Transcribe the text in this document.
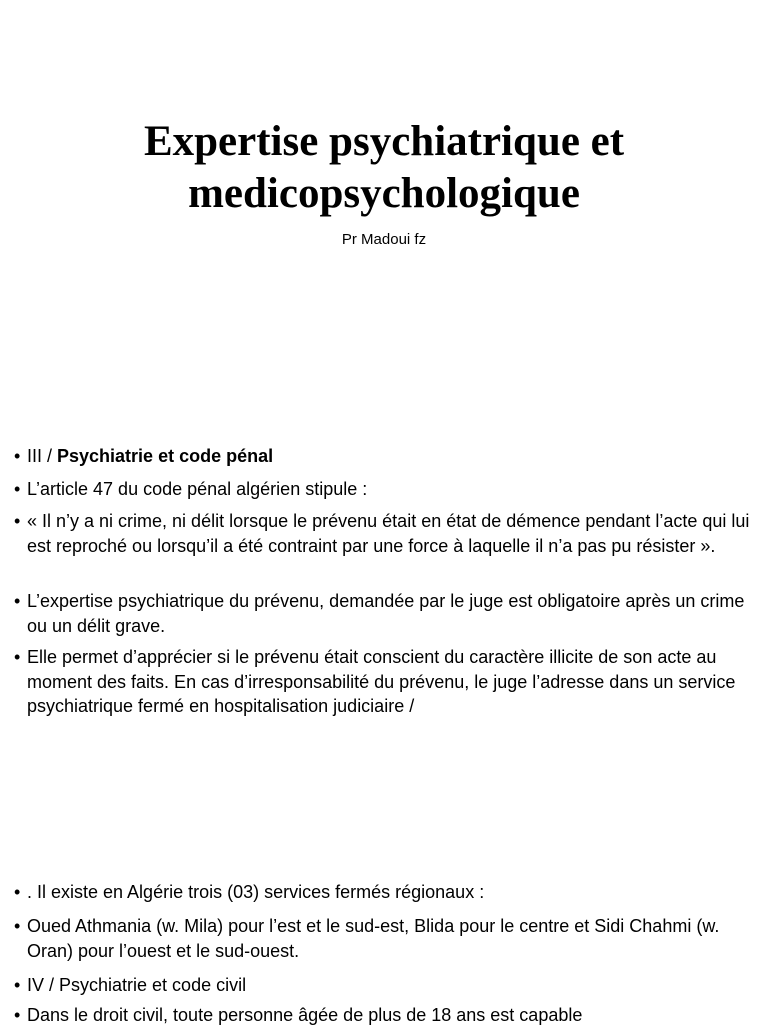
Expertise psychiatrique et
medicopsychologique
Pr Madoui fz
• III / Psychiatrie et code pénal
• L’article 47 du code pénal algérien stipule :
• « Il n’y a ni crime, ni délit lorsque le prévenu était en état de démence pendant l’acte qui lui est reproché ou lorsqu’il a été contraint par une force à laquelle il n’a pas pu résister ».
• L’expertise psychiatrique du prévenu, demandée par le juge est obligatoire après un crime ou un délit grave.
• Elle permet d’apprécier si le prévenu était conscient du caractère illicite de son acte au moment des faits. En cas d’irresponsabilité du prévenu, le juge l’adresse dans un service psychiatrique fermé en hospitalisation judiciaire /
• . Il existe en Algérie trois (03) services fermés régionaux :
• Oued Athmania (w. Mila) pour l’est et le sud-est, Blida pour le centre et Sidi Chahmi (w. Oran) pour l’ouest et le sud-ouest.
• IV / Psychiatrie et code civil
• Dans le droit civil, toute personne âgée de plus de 18 ans est capable
